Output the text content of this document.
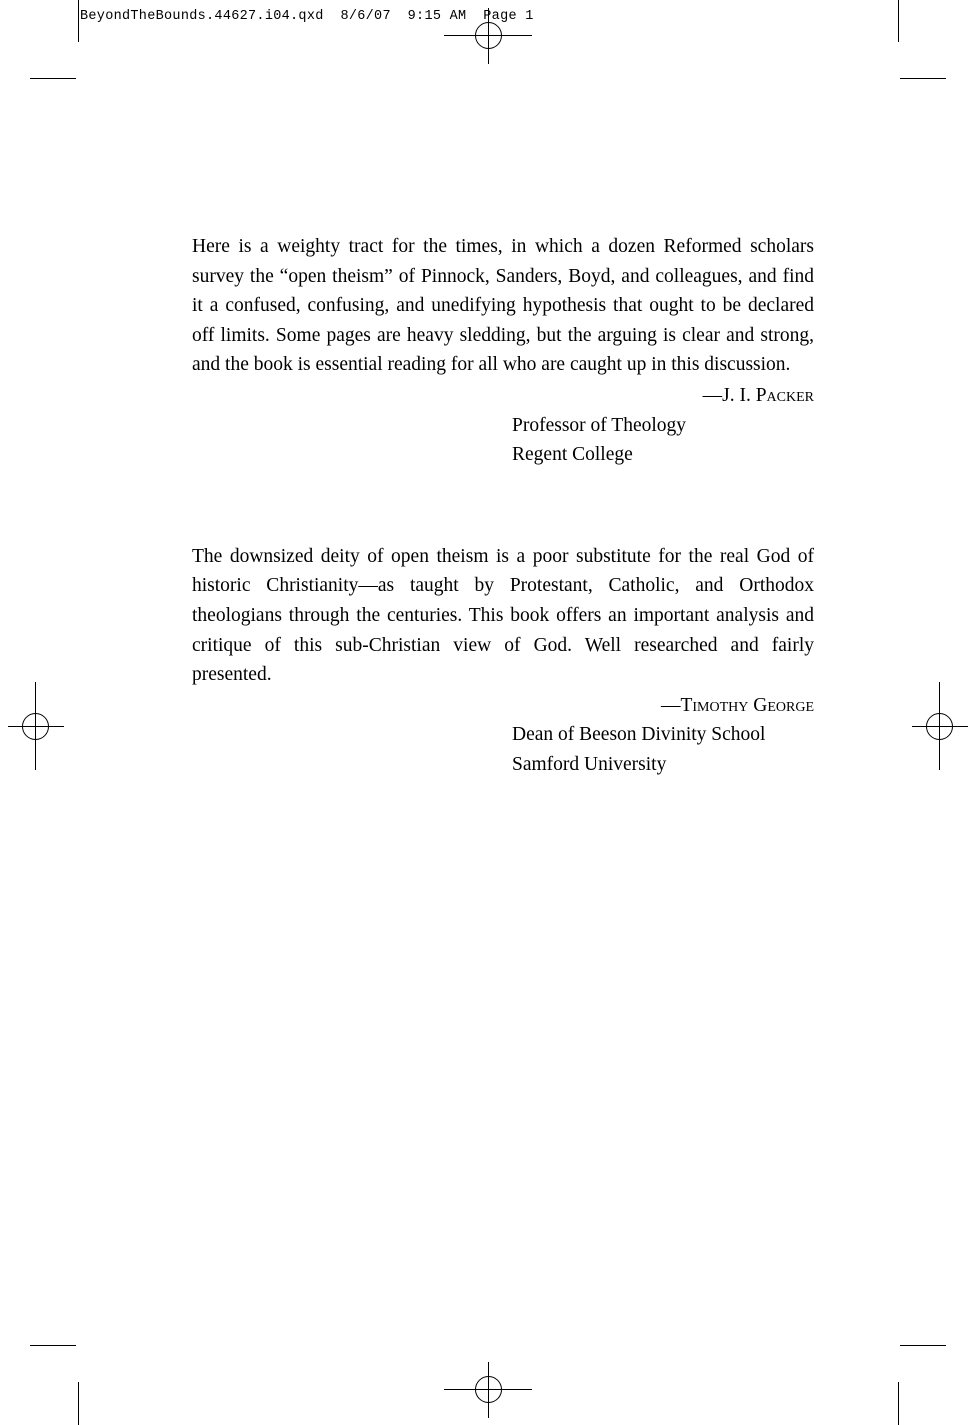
BeyondTheBounds.44627.i04.qxd  8/6/07  9:15 AM  Page 1

Here is a weighty tract for the times, in which a dozen Reformed scholars survey the “open theism” of Pinnock, Sanders, Boyd, and colleagues, and find it a confused, confusing, and unedifying hypothesis that ought to be declared off limits. Some pages are heavy sledding, but the arguing is clear and strong, and the book is essential reading for all who are caught up in this discussion.

—J. I. Packer

Professor of Theology
Regent College

The downsized deity of open theism is a poor substitute for the real God of historic Christianity—as taught by Protestant, Catholic, and Orthodox theologians through the centuries. This book offers an important analysis and critique of this sub-Christian view of God. Well researched and fairly presented.

—Timothy George

Dean of Beeson Divinity School
Samford University
